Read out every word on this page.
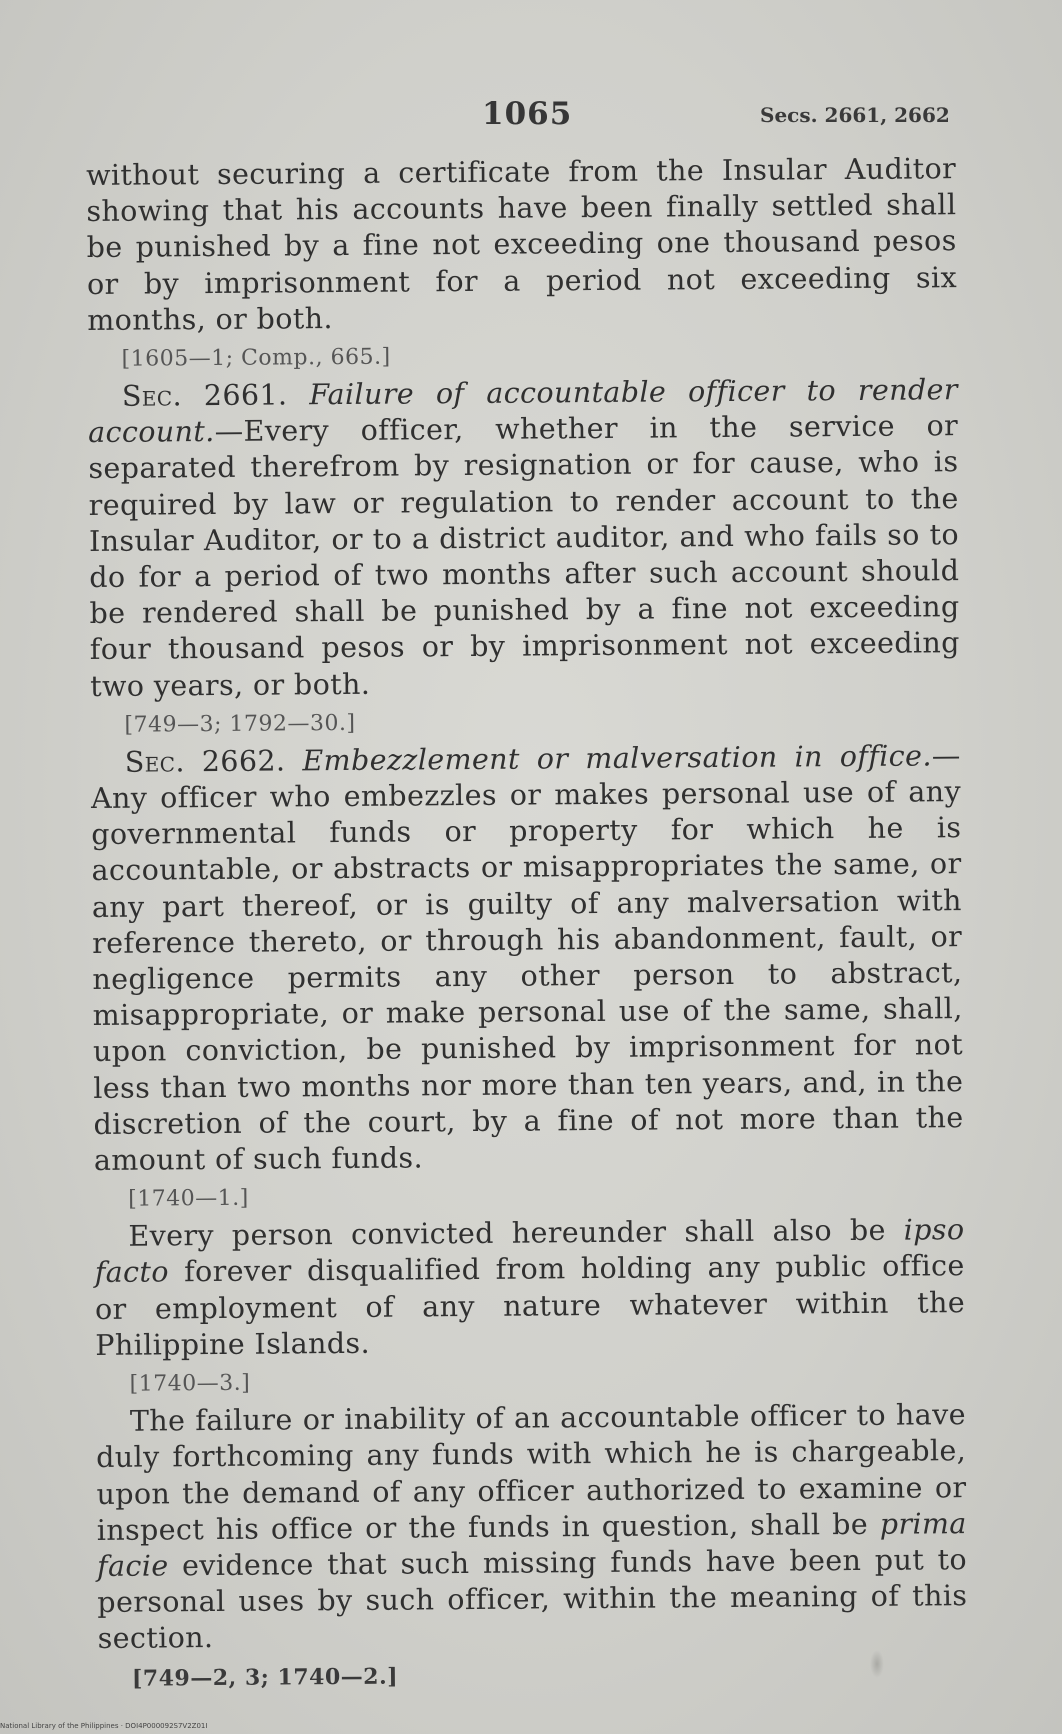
1065	Secs. 2661, 2662

without securing a certificate from the Insular Auditor showing that his accounts have been finally settled shall be punished by a fine not exceeding one thousand pesos or by imprisonment for a period not exceeding six months, or both.

[1605—1; Comp., 665.]

Sec. 2661. Failure of accountable officer to render account.—Every officer, whether in the service or separated therefrom by resignation or for cause, who is required by law or regulation to render account to the Insular Auditor, or to a district auditor, and who fails so to do for a period of two months after such account should be rendered shall be punished by a fine not exceeding four thousand pesos or by imprisonment not exceeding two years, or both.

[749—3; 1792—30.]

Sec. 2662. Embezzlement or malversation in office.—Any officer who embezzles or makes personal use of any governmental funds or property for which he is accountable, or abstracts or misappropriates the same, or any part thereof, or is guilty of any malversation with reference thereto, or through his abandonment, fault, or negligence permits any other person to abstract, misappropriate, or make personal use of the same, shall, upon conviction, be punished by imprisonment for not less than two months nor more than ten years, and, in the discretion of the court, by a fine of not more than the amount of such funds.

[1740—1.]

Every person convicted hereunder shall also be ipso facto forever disqualified from holding any public office or employment of any nature whatever within the Philippine Islands.

[1740—3.]

The failure or inability of an accountable officer to have duly forthcoming any funds with which he is chargeable, upon the demand of any officer authorized to examine or inspect his office or the funds in question, shall be prima facie evidence that such missing funds have been put to personal uses by such officer, within the meaning of this section.

[749—2, 3; 1740—2.]
National Library of the Philippines · DOI4P000092S7V2Z01I
